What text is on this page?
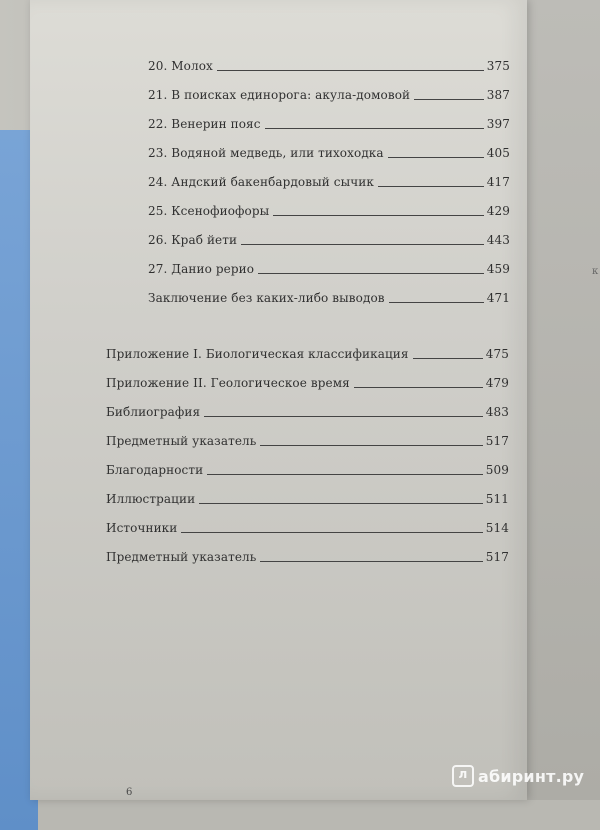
к
20. Молох	375
21. В поисках единорога: акула-домовой	387
22. Венерин пояс	397
23. Водяной медведь, или тихоходка	405
24. Андский бакенбардовый сычик	417
25. Ксенофиофоры	429
26. Краб йети	443
27. Данио рерио	459
Заключение без каких-либо выводов	471
Приложение I. Биологическая классификация	475
Приложение II. Геологическое время	479
Библиография	483
Предметный указатель	517
Благодарности	509
Иллюстрации	511
Источники	514
Предметный указатель	517
6
л абиринт.ру
